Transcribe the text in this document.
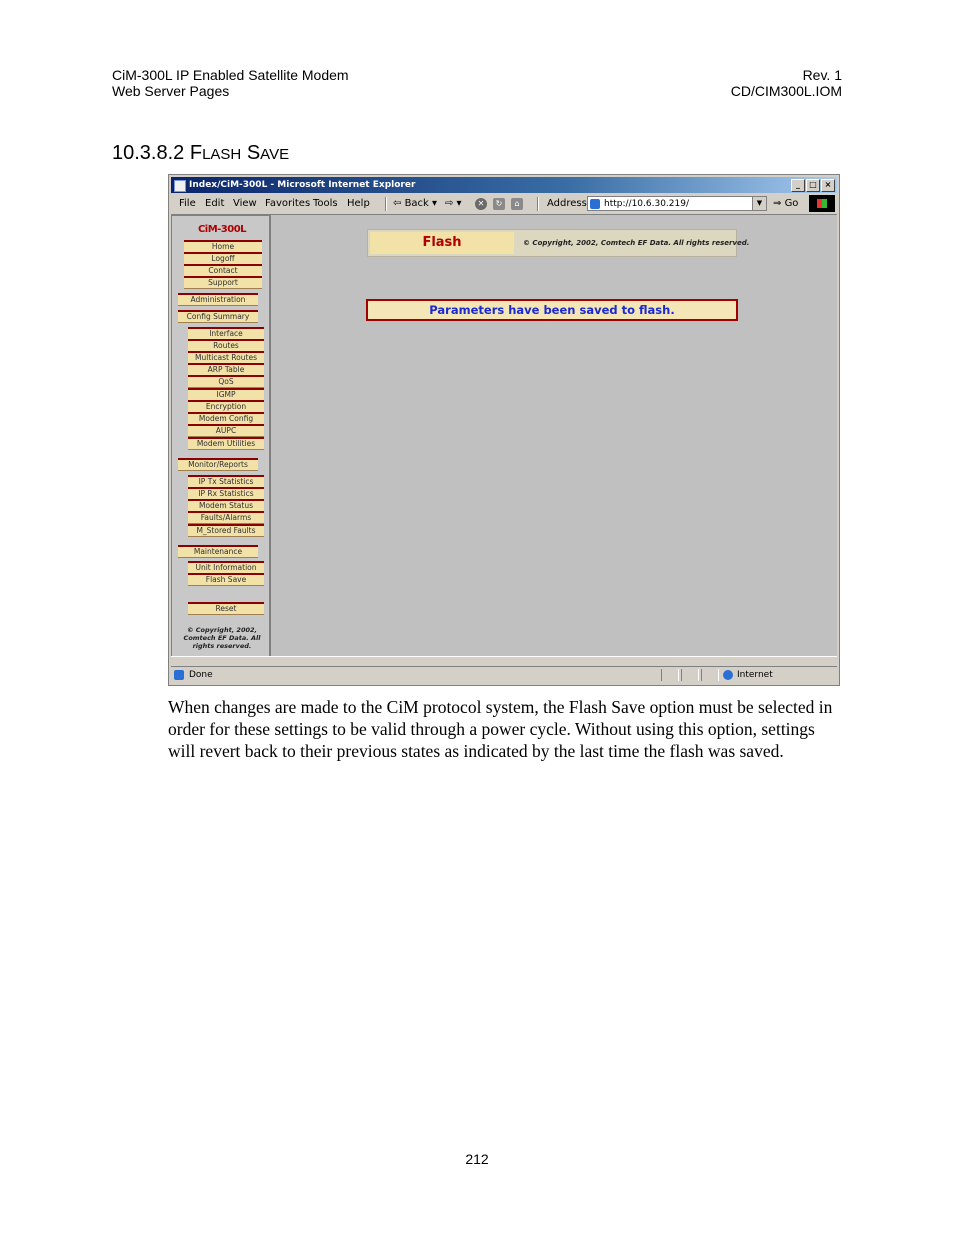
CiM-300L IP Enabled Satellite Modem
Web Server Pages
Rev. 1
CD/CIM300L.IOM
10.3.8.2 FLASH SAVE
Index/CiM-300L - Microsoft Internet Explorer	_	□ ×
File Edit View Favorites Tools Help ⇦ Back ▾ ⇨ ▾	✕	↻	⌂	Address	http://10.6.30.219/	▼	⇒ Go
CiM-300L
Home
Logoff
Contact
Support
Administration
Config Summary
Interface
Routes
Multicast Routes
ARP Table
QoS
IGMP
Encryption
Modem Config
AUPC
Modem Utilities
Monitor/Reports
IP Tx Statistics
IP Rx Statistics
Modem Status
Faults/Alarms
M_Stored Faults
Maintenance
Unit Information
Flash Save
Reset
© Copyright, 2002, Comtech EF Data. All rights reserved.
Flash	© Copyright, 2002, Comtech EF Data. All rights reserved.
Parameters have been saved to flash.
Done	Internet

When changes are made to the CiM protocol system, the Flash Save option must be selected in order for these settings to be valid through a power cycle. Without using this option, settings will revert back to their previous states as indicated by the last time the flash was saved.

212
